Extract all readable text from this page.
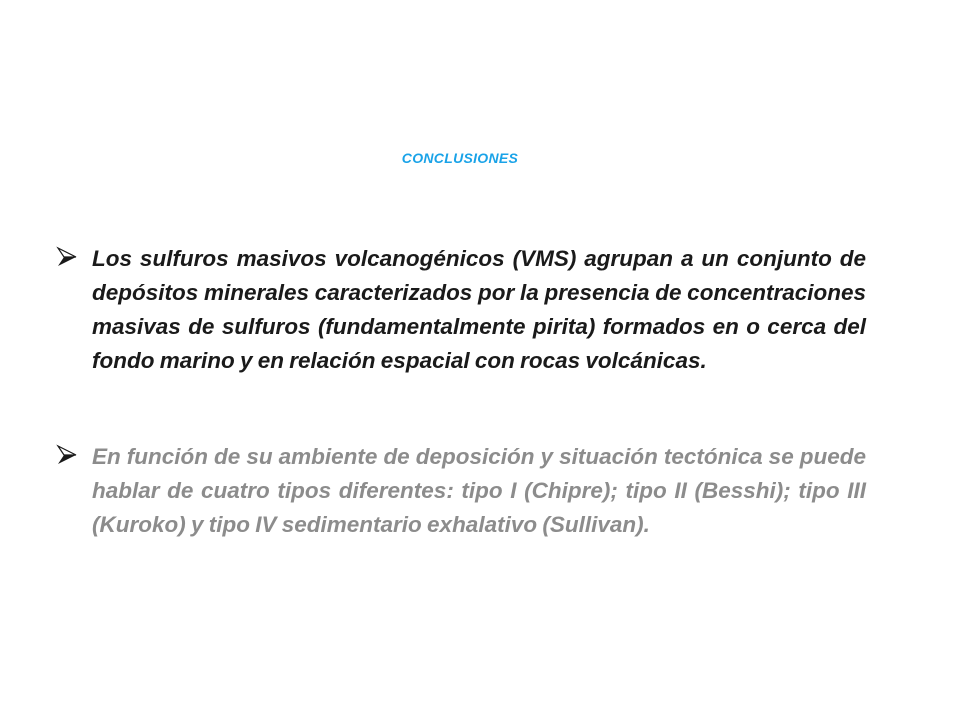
CONCLUSIONES

Los sulfuros masivos volcanogénicos (VMS) agrupan a un conjunto de depósitos minerales caracterizados por la presencia de concentraciones masivas de sulfuros (fundamentalmente pirita) formados en o cerca del fondo marino y en relación espacial con rocas volcánicas.

En función de su ambiente de deposición y situación tectónica se puede hablar de cuatro tipos diferentes: tipo I (Chipre); tipo II (Besshi); tipo III (Kuroko) y tipo IV sedimentario exhalativo (Sullivan).
